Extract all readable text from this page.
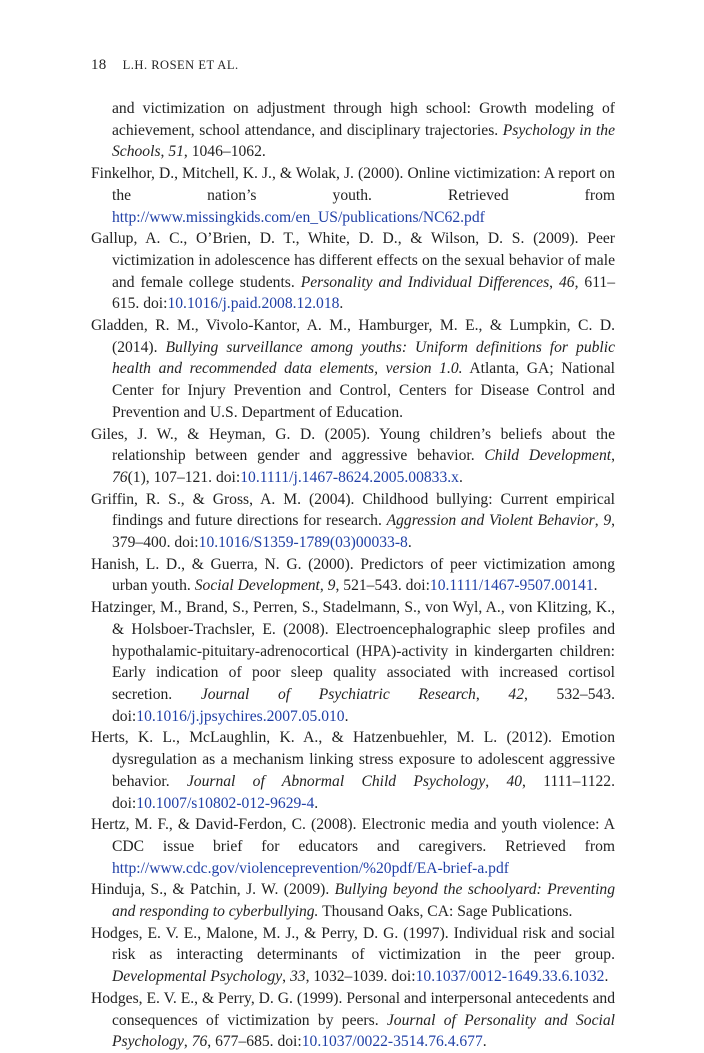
18 L.H. ROSEN ET AL.

and victimization on adjustment through high school: Growth modeling of achievement, school attendance, and disciplinary trajectories. Psychology in the Schools, 51, 1046–1062.

Finkelhor, D., Mitchell, K. J., & Wolak, J. (2000). Online victimization: A report on the nation’s youth. Retrieved from http://www.missingkids.com/en_US/publications/NC62.pdf

Gallup, A. C., O’Brien, D. T., White, D. D., & Wilson, D. S. (2009). Peer victimization in adolescence has different effects on the sexual behavior of male and female college students. Personality and Individual Differences, 46, 611–615. doi:10.1016/j.paid.2008.12.018.

Gladden, R. M., Vivolo-Kantor, A. M., Hamburger, M. E., & Lumpkin, C. D. (2014). Bullying surveillance among youths: Uniform definitions for public health and recommended data elements, version 1.0. Atlanta, GA; National Center for Injury Prevention and Control, Centers for Disease Control and Prevention and U.S. Department of Education.

Giles, J. W., & Heyman, G. D. (2005). Young children’s beliefs about the relationship between gender and aggressive behavior. Child Development, 76(1), 107–121. doi:10.1111/j.1467-8624.2005.00833.x.

Griffin, R. S., & Gross, A. M. (2004). Childhood bullying: Current empirical findings and future directions for research. Aggression and Violent Behavior, 9, 379–400. doi:10.1016/S1359-1789(03)00033-8.

Hanish, L. D., & Guerra, N. G. (2000). Predictors of peer victimization among urban youth. Social Development, 9, 521–543. doi:10.1111/1467-9507.00141.

Hatzinger, M., Brand, S., Perren, S., Stadelmann, S., von Wyl, A., von Klitzing, K., & Holsboer-Trachsler, E. (2008). Electroencephalographic sleep profiles and hypothalamic-pituitary-adrenocortical (HPA)-activity in kindergarten children: Early indication of poor sleep quality associated with increased cortisol secretion. Journal of Psychiatric Research, 42, 532–543. doi:10.1016/j.jpsychires.2007.05.010.

Herts, K. L., McLaughlin, K. A., & Hatzenbuehler, M. L. (2012). Emotion dysregulation as a mechanism linking stress exposure to adolescent aggressive behavior. Journal of Abnormal Child Psychology, 40, 1111–1122. doi:10.1007/s10802-012-9629-4.

Hertz, M. F., & David-Ferdon, C. (2008). Electronic media and youth violence: A CDC issue brief for educators and caregivers. Retrieved from http://www.cdc.gov/violenceprevention/%20pdf/EA-brief-a.pdf

Hinduja, S., & Patchin, J. W. (2009). Bullying beyond the schoolyard: Preventing and responding to cyberbullying. Thousand Oaks, CA: Sage Publications.

Hodges, E. V. E., Malone, M. J., & Perry, D. G. (1997). Individual risk and social risk as interacting determinants of victimization in the peer group. Developmental Psychology, 33, 1032–1039. doi:10.1037/0012-1649.33.6.1032.

Hodges, E. V. E., & Perry, D. G. (1999). Personal and interpersonal antecedents and consequences of victimization by peers. Journal of Personality and Social Psychology, 76, 677–685. doi:10.1037/0022-3514.76.4.677.
